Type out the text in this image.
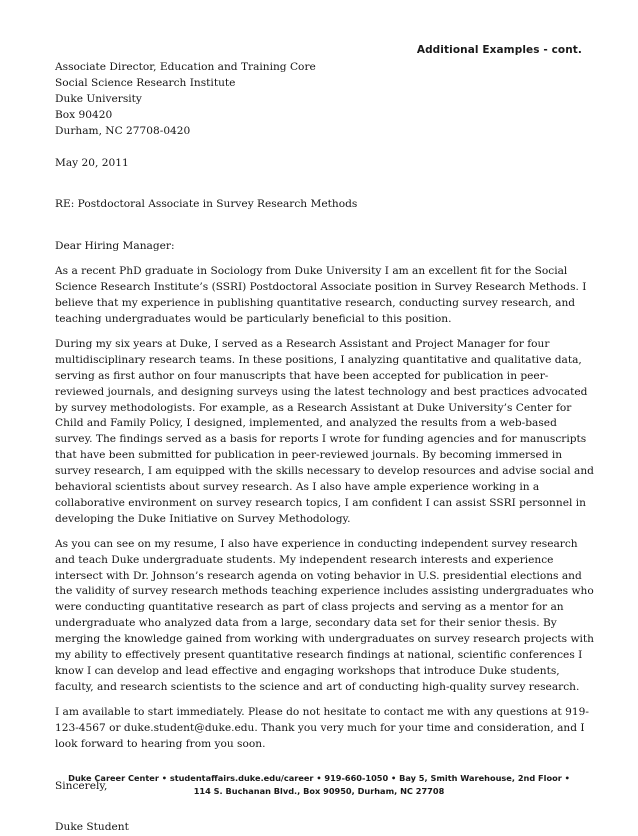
Additional Examples - cont.
Associate Director, Education and Training Core
Social Science Research Institute
Duke University
Box 90420
Durham, NC 27708-0420
May 20, 2011
RE: Postdoctoral Associate in Survey Research Methods
Dear Hiring Manager:

As a recent PhD graduate in Sociology from Duke University I am an excellent fit for the Social Science Research Institute’s (SSRI) Postdoctoral Associate position in Survey Research Methods. I believe that my experience in publishing quantitative research, conducting survey research, and teaching undergraduates would be particularly beneficial to this position.

During my six years at Duke, I served as a Research Assistant and Project Manager for four multidisciplinary research teams. In these positions, I analyzing quantitative and qualitative data, serving as first author on four manuscripts that have been accepted for publication in peer-reviewed journals, and designing surveys using the latest technology and best practices advocated by survey methodologists. For example, as a Research Assistant at Duke University’s Center for Child and Family Policy, I designed, implemented, and analyzed the results from a web-based survey. The findings served as a basis for reports I wrote for funding agencies and for manuscripts that have been submitted for publication in peer-reviewed journals. By becoming immersed in survey research, I am equipped with the skills necessary to develop resources and advise social and behavioral scientists about survey research. As I also have ample experience working in a collaborative environment on survey research topics, I am confident I can assist SSRI personnel in developing the Duke Initiative on Survey Methodology.

As you can see on my resume, I also have experience in conducting independent survey research and teach Duke undergraduate students. My independent research interests and experience intersect with Dr. Johnson’s research agenda on voting behavior in U.S. presidential elections and the validity of survey research methods teaching experience includes assisting undergraduates who were conducting quantitative research as part of class projects and serving as a mentor for an undergraduate who analyzed data from a large, secondary data set for their senior thesis. By merging the knowledge gained from working with undergraduates on survey research projects with my ability to effectively present quantitative research findings at national, scientific conferences I know I can develop and lead effective and engaging workshops that introduce Duke students, faculty, and research scientists to the science and art of conducting high-quality survey research.

I am available to start immediately. Please do not hesitate to contact me with any questions at 919-123-4567 or duke.student@duke.edu. Thank you very much for your time and consideration, and I look forward to hearing from you soon.

Sincerely,
Duke Student
Duke Career Center • studentaffairs.duke.edu/career • 919-660-1050 • Bay 5, Smith Warehouse, 2nd Floor •
114 S. Buchanan Blvd., Box 90950, Durham, NC 27708
